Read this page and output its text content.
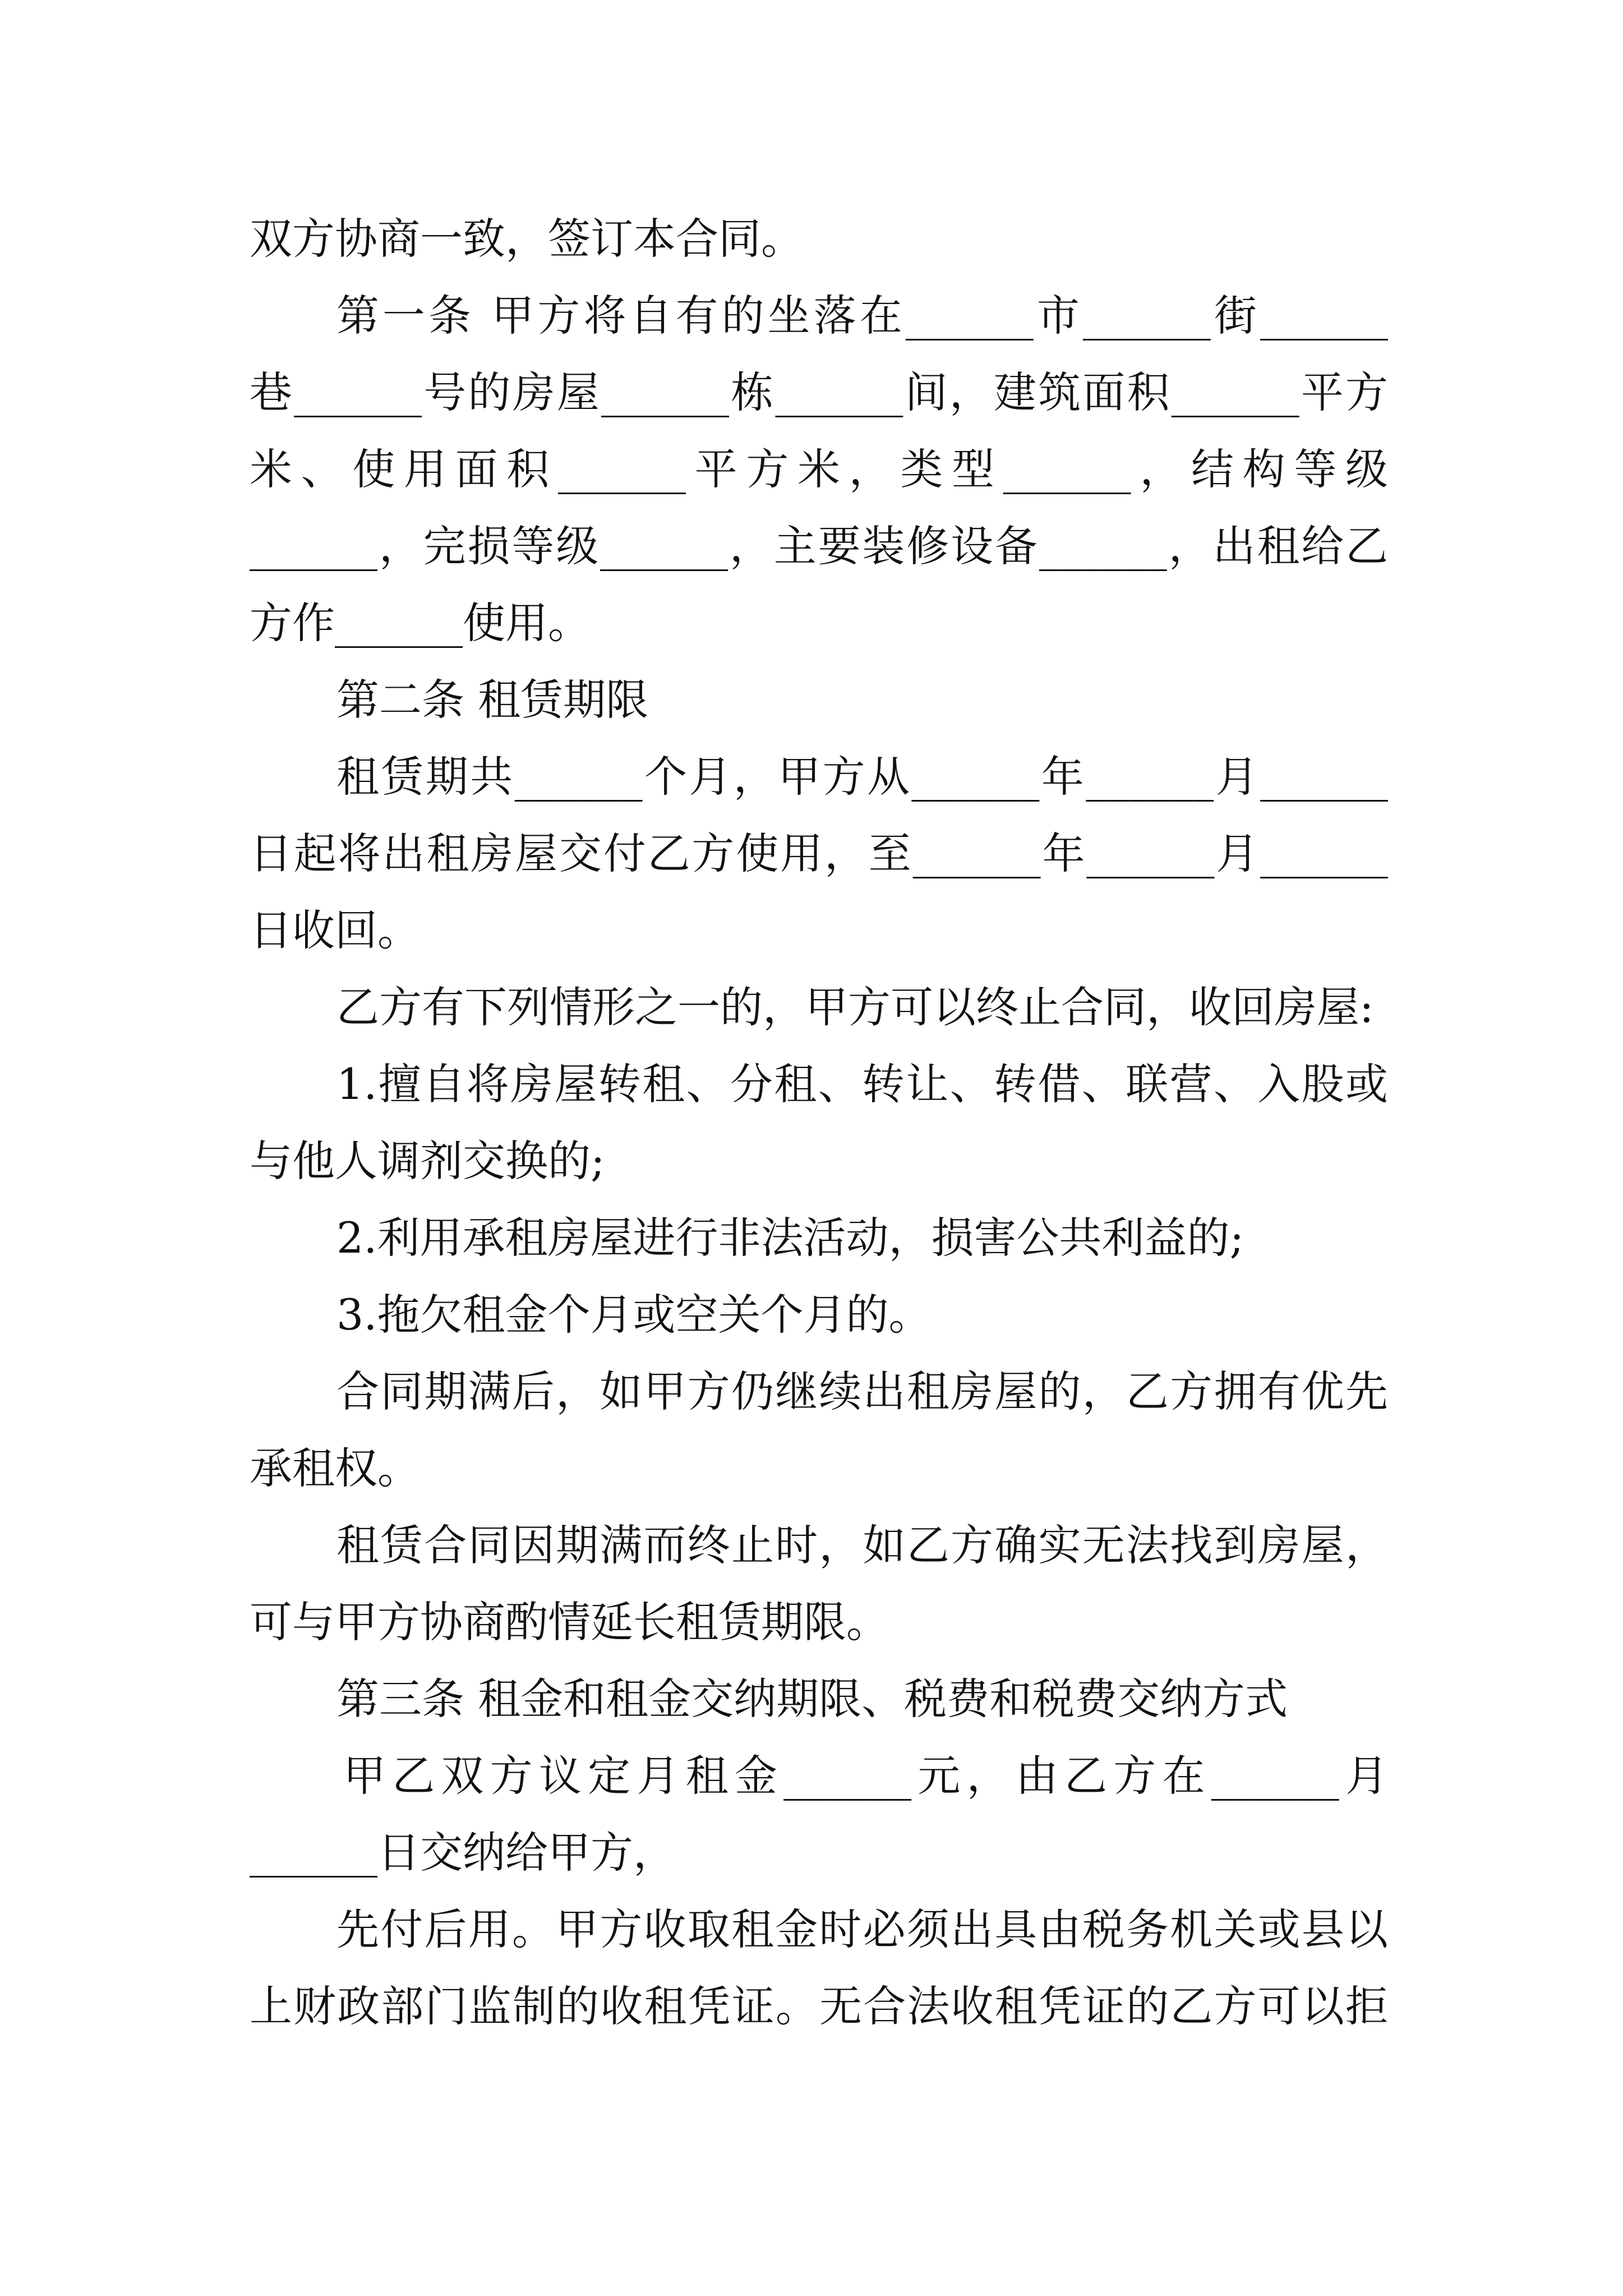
双方协商一致，签订本合同。
第一条 甲方将自有的坐落在______市______街______
巷______号的房屋______栋______间，建筑面积______平方
米、使用面积______平方米，类型______，结构等级
______，完损等级______，主要装修设备______，出租给乙
方作______使用。
第二条 租赁期限
租赁期共______个月，甲方从______年______月______
日起将出租房屋交付乙方使用，至______年______月______
日收回。
乙方有下列情形之一的，甲方可以终止合同，收回房屋:
1.擅自将房屋转租、分租、转让、转借、联营、入股或
与他人调剂交换的;
2.利用承租房屋进行非法活动，损害公共利益的;
3.拖欠租金个月或空关个月的。
合同期满后，如甲方仍继续出租房屋的，乙方拥有优先
承租权。
租赁合同因期满而终止时，如乙方确实无法找到房屋，
可与甲方协商酌情延长租赁期限。
第三条 租金和租金交纳期限、税费和税费交纳方式
甲乙双方议定月租金______元，由乙方在______月
______日交纳给甲方，
先付后用。甲方收取租金时必须出具由税务机关或县以
上财政部门监制的收租凭证。无合法收租凭证的乙方可以拒
